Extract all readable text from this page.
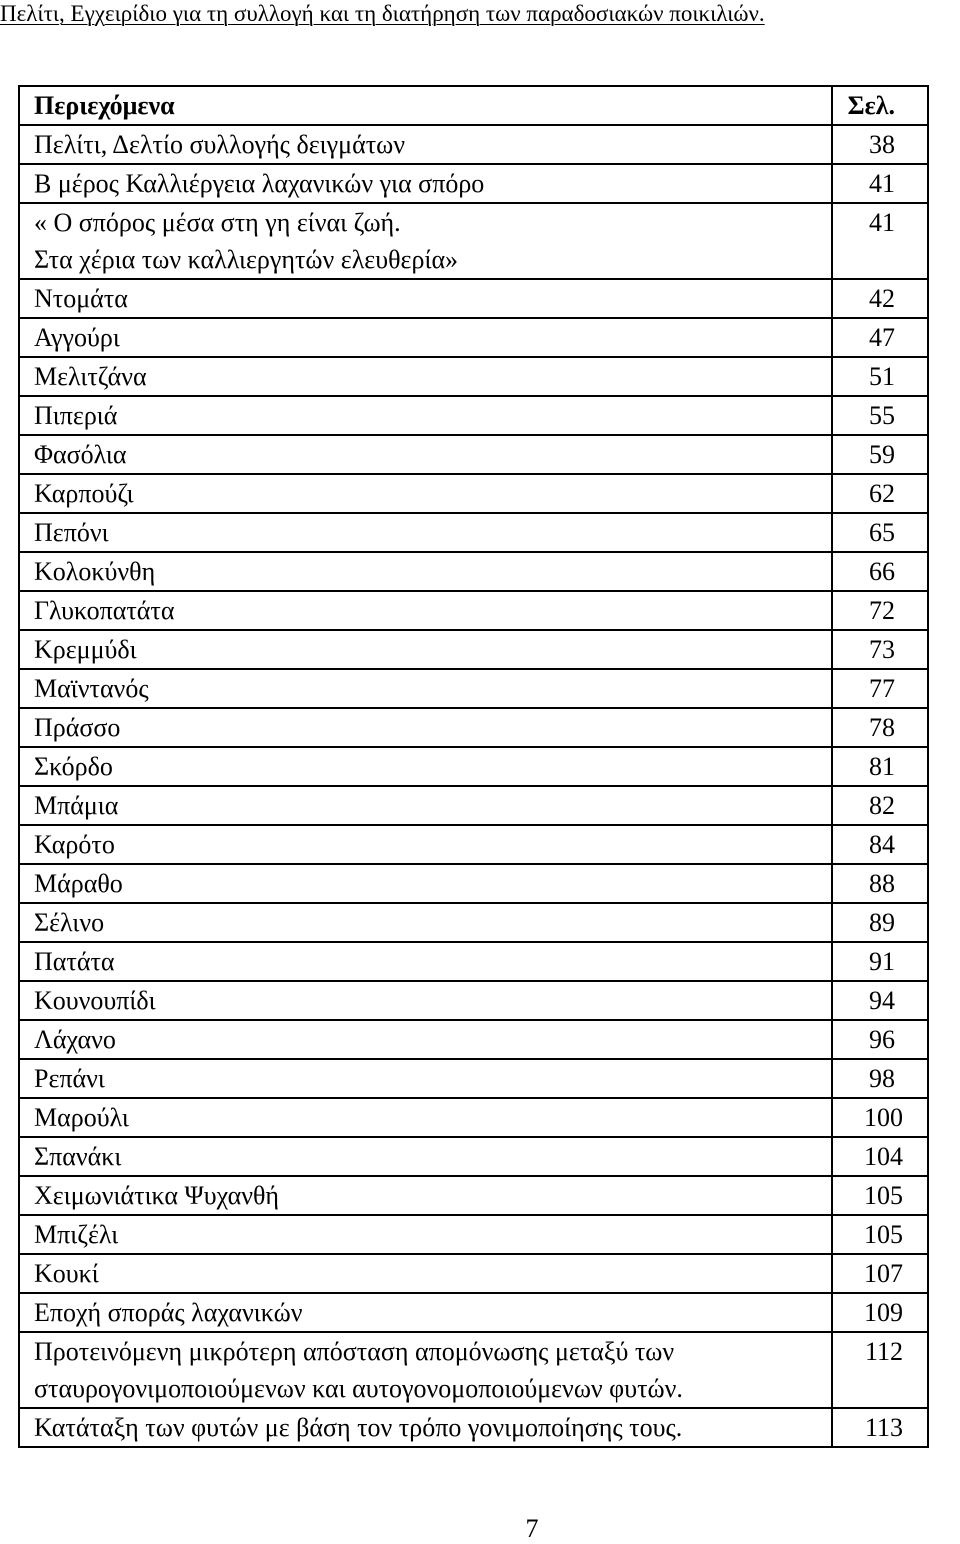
Πελίτι, Εγχειρίδιο για τη συλλογή και τη διατήρηση των παραδοσιακών ποικιλιών.
Περιεχόμενα	Σελ.

Πελίτι, Δελτίο συλλογής δειγμάτων	38

Β μέρος Καλλιέργεια λαχανικών για σπόρο	41

« Ο σπόρος μέσα στη γη είναι ζωή.
Στα χέρια των καλλιεργητών ελευθερία»	41

Ντομάτα	42

Αγγούρι	47

Μελιτζάνα	51

Πιπεριά	55

Φασόλια	59

Καρπούζι	62

Πεπόνι	65

Κολοκύνθη	66

Γλυκοπατάτα	72

Κρεμμύδι	73

Μαϊντανός	77

Πράσσο	78

Σκόρδο	81

Μπάμια	82

Καρότο	84

Μάραθο	88

Σέλινο	89

Πατάτα	91

Κουνουπίδι	94

Λάχανο	96

Ρεπάνι	98

Μαρούλι	100

Σπανάκι	104

Χειμωνιάτικα Ψυχανθή	105

Μπιζέλι	105

Κουκί	107

Εποχή σποράς λαχανικών	109

Προτεινόμενη μικρότερη απόσταση απομόνωσης μεταξύ των
σταυρογονιμοποιούμενων και αυτογονομοποιούμενων φυτών.	112

Κατάταξη των φυτών με βάση τον τρόπο γονιμοποίησης τους.	113
7
